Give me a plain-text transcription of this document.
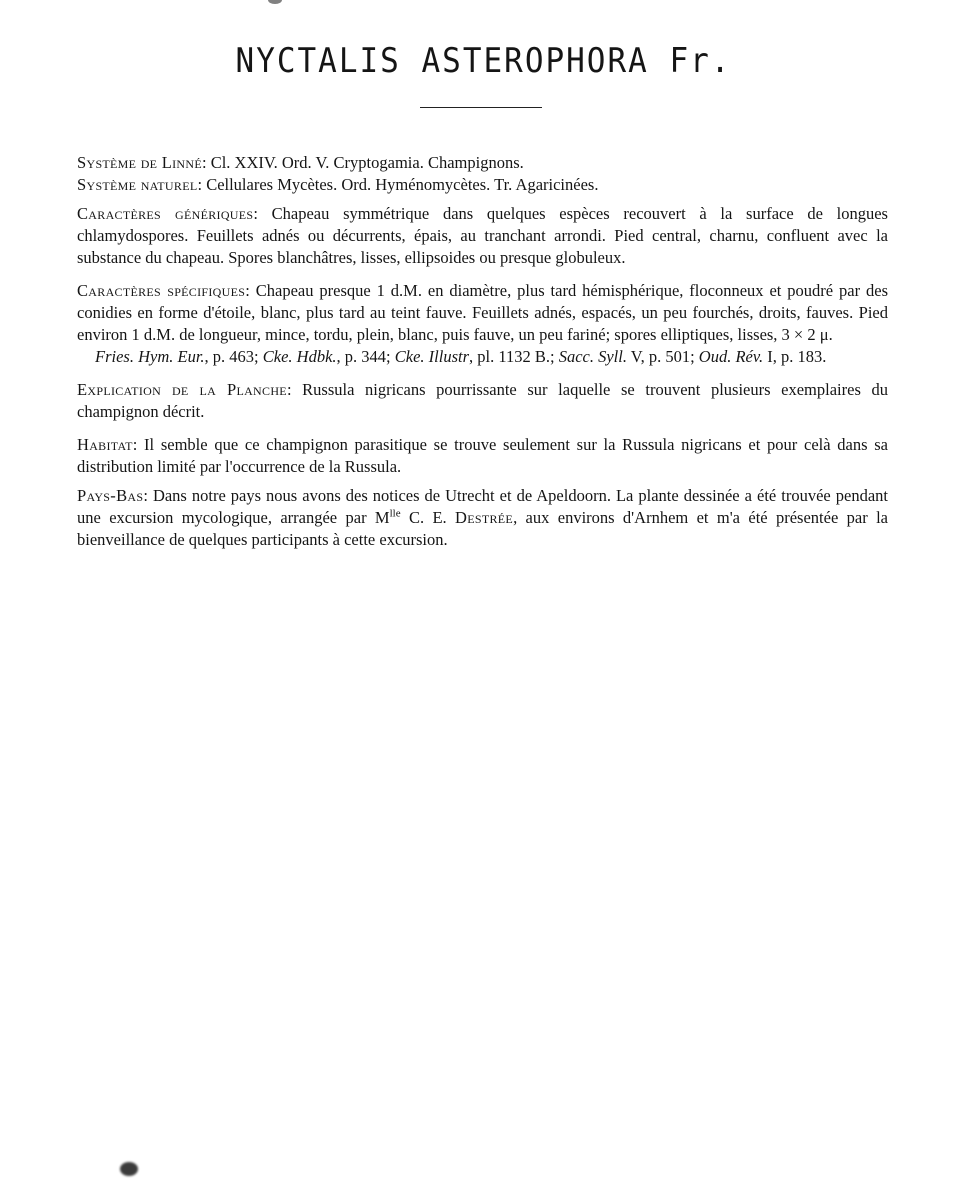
NYCTALIS ASTEROPHORA Fr.

Système de Linné: Cl. XXIV. Ord. V. Cryptogamia. Champignons.

Système naturel: Cellulares Mycètes. Ord. Hyménomycètes. Tr. Agaricinées.

Caractères génériques: Chapeau symmétrique dans quelques espèces recouvert à la surface de longues chlamydospores. Feuillets adnés ou décurrents, épais, au tranchant arrondi. Pied central, charnu, confluent avec la substance du chapeau. Spores blanchâtres, lisses, ellipsoides ou presque globuleux.

Caractères spécifiques: Chapeau presque 1 d.M. en diamètre, plus tard hémisphérique, floconneux et poudré par des conidies en forme d'étoile, blanc, plus tard au teint fauve. Feuillets adnés, espacés, un peu fourchés, droits, fauves. Pied environ 1 d.M. de longueur, mince, tordu, plein, blanc, puis fauve, un peu fariné; spores elliptiques, lisses, 3 × 2 μ.

Fries. Hym. Eur., p. 463; Cke. Hdbk., p. 344; Cke. Illustr, pl. 1132 B.; Sacc. Syll. V, p. 501; Oud. Rév. I, p. 183.

Explication de la Planche: Russula nigricans pourrissante sur laquelle se trouvent plusieurs exemplaires du champignon décrit.

Habitat: Il semble que ce champignon parasitique se trouve seulement sur la Russula nigricans et pour celà dans sa distribution limité par l'occurrence de la Russula.

Pays-Bas: Dans notre pays nous avons des notices de Utrecht et de Apeldoorn. La plante dessinée a été trouvée pendant une excursion mycologique, arrangée par $M^{lle}$ C. E. Destrée, aux environs d'Arnhem et m'a été présentée par la bienveillance de quelques participants à cette excursion.
